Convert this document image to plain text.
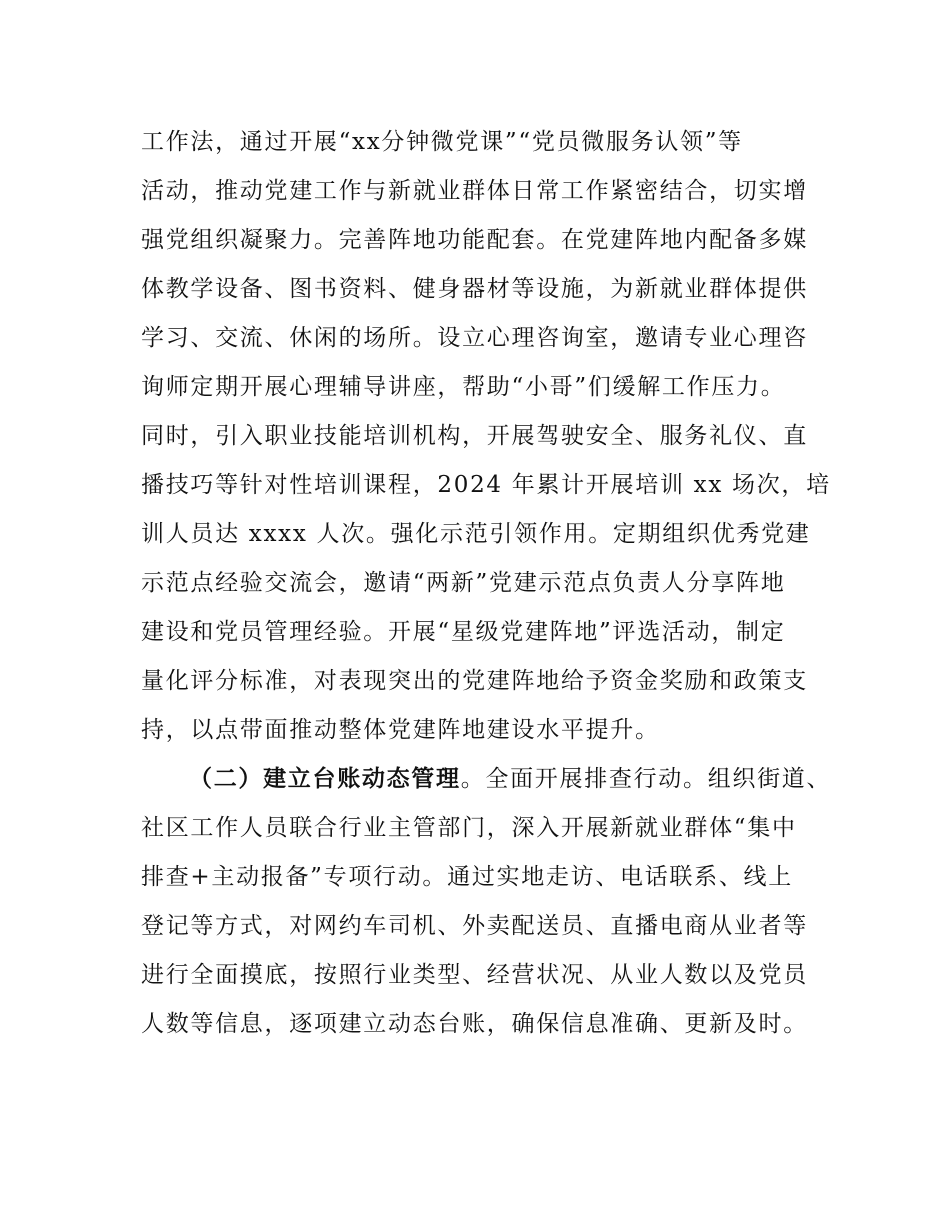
工作法，通过开展“xx分钟微党课”“党员微服务认领”等

活动，推动党建工作与新就业群体日常工作紧密结合，切实增

强党组织凝聚力。完善阵地功能配套。在党建阵地内配备多媒

体教学设备、图书资料、健身器材等设施，为新就业群体提供

学习、交流、休闲的场所。设立心理咨询室，邀请专业心理咨

询师定期开展心理辅导讲座，帮助“小哥”们缓解工作压力。

同时，引入职业技能培训机构，开展驾驶安全、服务礼仪、直

播技巧等针对性培训课程，2024 年累计开展培训 xx 场次，培

训人员达 xxxx 人次。强化示范引领作用。定期组织优秀党建

示范点经验交流会，邀请“两新”党建示范点负责人分享阵地

建设和党员管理经验。开展“星级党建阵地”评选活动，制定

量化评分标准，对表现突出的党建阵地给予资金奖励和政策支

持，以点带面推动整体党建阵地建设水平提升。

（二）建立台账动态管理。全面开展排查行动。组织街道、

社区工作人员联合行业主管部门，深入开展新就业群体“集中

排查+主动报备”专项行动。通过实地走访、电话联系、线上

登记等方式，对网约车司机、外卖配送员、直播电商从业者等

进行全面摸底，按照行业类型、经营状况、从业人数以及党员

人数等信息，逐项建立动态台账，确保信息准确、更新及时。
